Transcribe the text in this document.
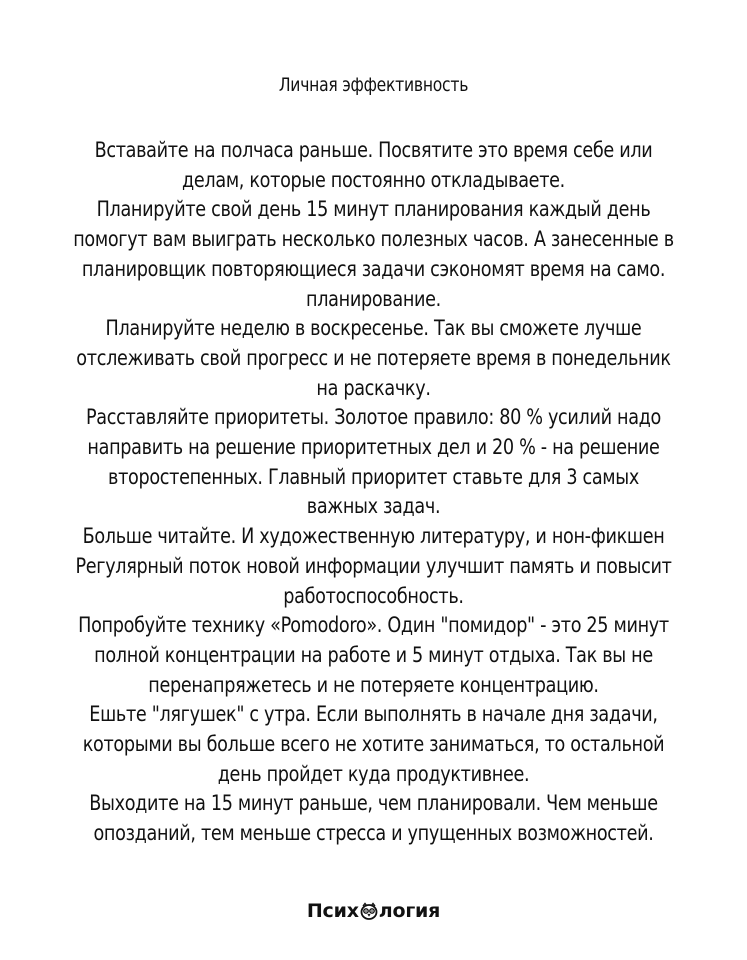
Личная эффективность

Вставайте на полчаса раньше. Посвятите это время себе или делам, которые постоянно откладываете.

Планируйте свой день 15 минут планирования каждый день помогут вам выиграть несколько полезных часов. А занесенные в планировщик повторяющиеся задачи сэкономят время на само. планирование.

Планируйте неделю в воскресенье. Так вы сможете лучше отслеживать свой прогресс и не потеряете время в понедельник на раскачку.

Расставляйте приоритеты. Золотое правило: 80 % усилий надо направить на решение приоритетных дел и 20 % - на решение второстепенных. Главный приоритет ставьте для 3 самых важных задач.

Больше читайте. И художественную литературу, и нон-фикшен Регулярный поток новой информации улучшит память и повысит работоспособность.

Попробуйте технику «Pomodoro». Один "помидор" - это 25 минут полной концентрации на работе и 5 минут отдыха. Так вы не перенапряжетесь и не потеряете концентрацию.

Ешьте "лягушек" с утра. Если выполнять в начале дня задачи, которыми вы больше всего не хотите заниматься, то остальной день пройдет куда продуктивнее.

Выходите на 15 минут раньше, чем планировали. Чем меньше опозданий, тем меньше стресса и упущенных возможностей.

Псих логия
